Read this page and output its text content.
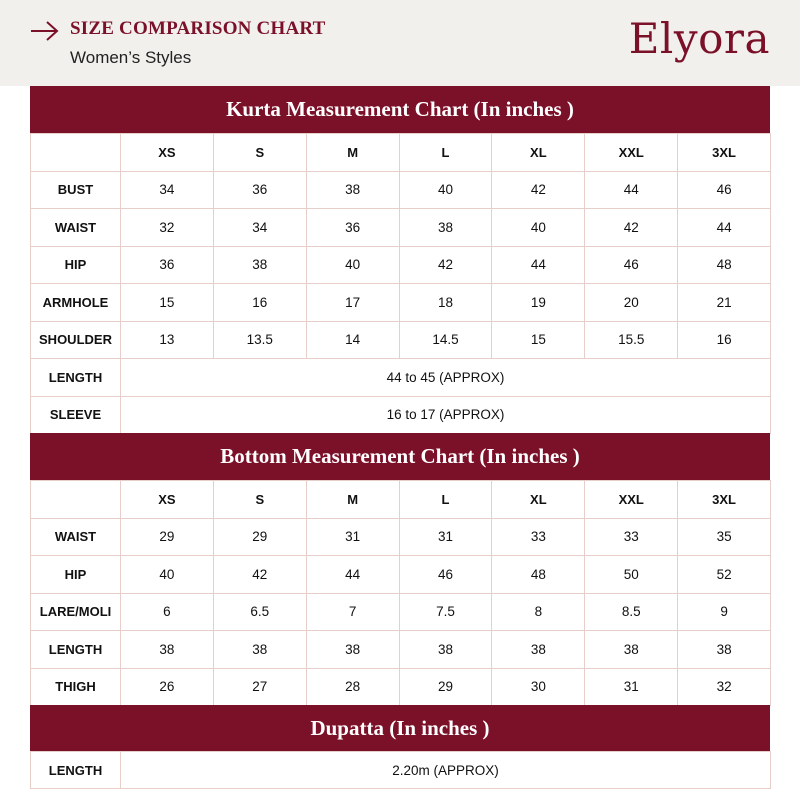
SIZE COMPARISON CHART
Women’s Styles	Elyora
Kurta Measurement Chart (In inches )
	XS	S	M	L	XL	XXL	3XL
BUST	34	36	38	40	42	44	46
WAIST	32	34	36	38	40	42	44
HIP	36	38	40	42	44	46	48
ARMHOLE	15	16	17	18	19	20	21
SHOULDER	13	13.5	14	14.5	15	15.5	16
LENGTH	44 to 45 (APPROX)						
SLEEVE	16 to 17 (APPROX)						
Bottom Measurement Chart (In inches )
	XS	S	M	L	XL	XXL	3XL
WAIST	29	29	31	31	33	33	35
HIP	40	42	44	46	48	50	52
LARE/MOLI	6	6.5	7	7.5	8	8.5	9
LENGTH	38	38	38	38	38	38	38
THIGH	26	27	28	29	30	31	32
Dupatta (In inches )
LENGTH	2.20m (APPROX)
